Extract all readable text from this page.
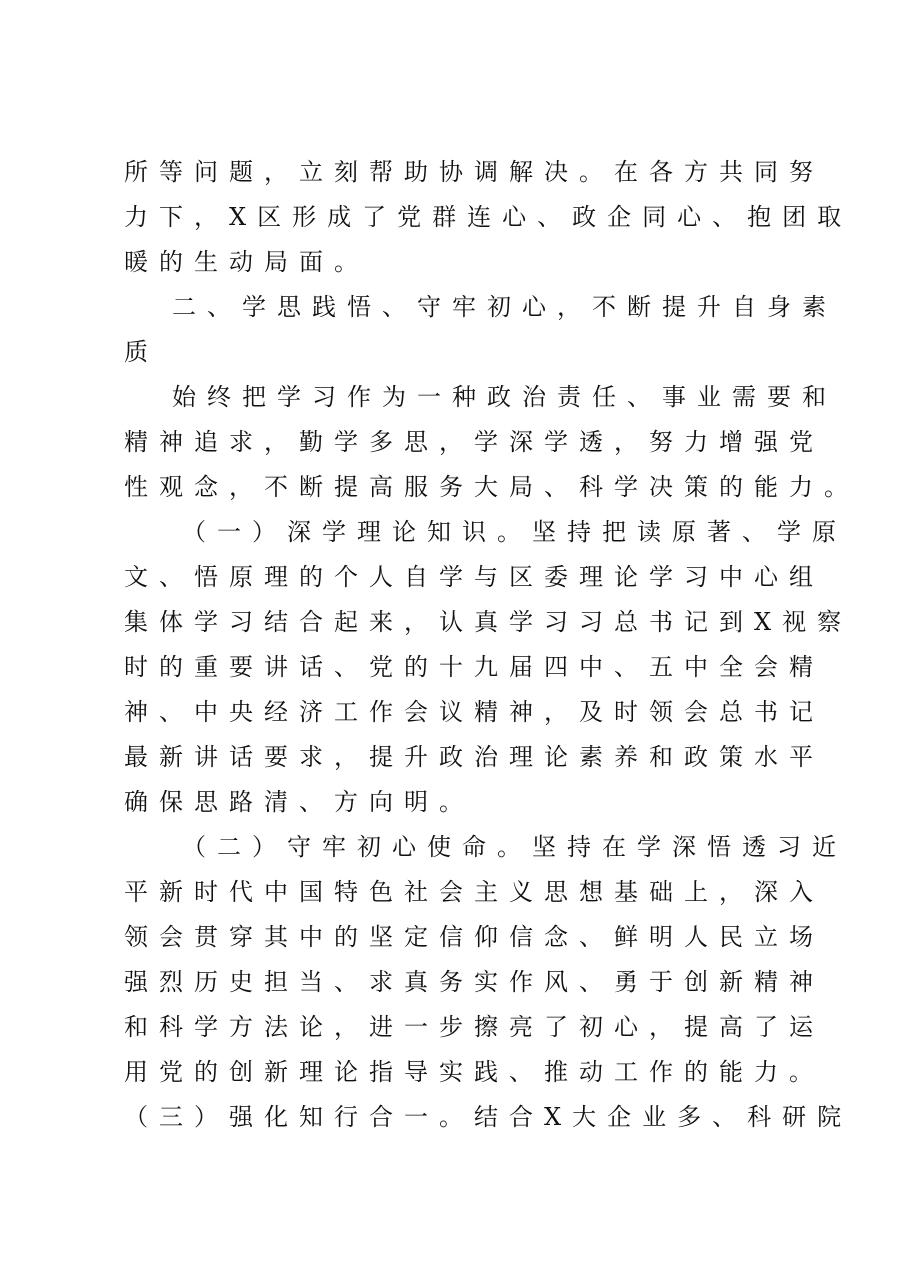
所等问题，立刻帮助协调解决。在各方共同努
力下，X区形成了党群连心、政企同心、抱团取
暖的生动局面。
二、学思践悟、守牢初心，不断提升自身素
质
始终把学习作为一种政治责任、事业需要和
精神追求，勤学多思，学深学透，努力增强党
性观念，不断提高服务大局、科学决策的能力。
（一）深学理论知识。坚持把读原著、学原
文、悟原理的个人自学与区委理论学习中心组
集体学习结合起来，认真学习习总书记到X视察
时的重要讲话、党的十九届四中、五中全会精
神、中央经济工作会议精神，及时领会总书记
最新讲话要求，提升政治理论素养和政策水平
确保思路清、方向明。
（二）守牢初心使命。坚持在学深悟透习近
平新时代中国特色社会主义思想基础上，深入
领会贯穿其中的坚定信仰信念、鲜明人民立场
强烈历史担当、求真务实作风、勇于创新精神
和科学方法论，进一步擦亮了初心，提高了运
用党的创新理论指导实践、推动工作的能力。
（三）强化知行合一。结合X大企业多、科研院
